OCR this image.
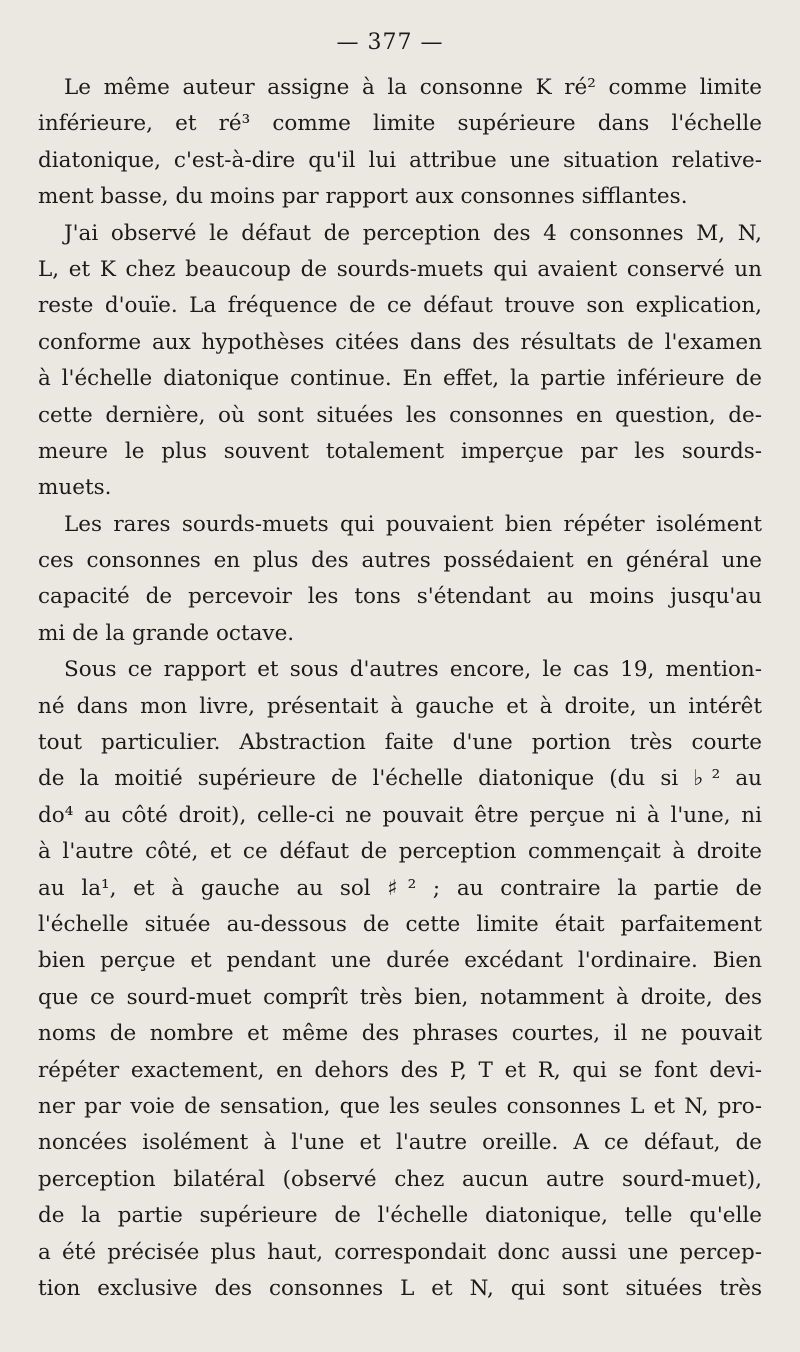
— 377 —
Le même auteur assigne à la consonne K ré² comme limite
inférieure, et ré³ comme limite supérieure dans l'échelle
diatonique, c'est-à-dire qu'il lui attribue une situation relative-
ment basse, du moins par rapport aux consonnes sifflantes.
J'ai observé le défaut de perception des 4 consonnes M, N,
L, et K chez beaucoup de sourds-muets qui avaient conservé un
reste d'ouïe. La fréquence de ce défaut trouve son explication,
conforme aux hypothèses citées dans des résultats de l'examen
à l'échelle diatonique continue. En effet, la partie inférieure de
cette dernière, où sont situées les consonnes en question, de-
meure le plus souvent totalement imperçue par les sourds-
muets.
Les rares sourds-muets qui pouvaient bien répéter isolément
ces consonnes en plus des autres possédaient en général une
capacité de percevoir les tons s'étendant au moins jusqu'au
mi de la grande octave.
Sous ce rapport et sous d'autres encore, le cas 19, mention-
né dans mon livre, présentait à gauche et à droite, un intérêt
tout particulier. Abstraction faite d'une portion très courte
de la moitié supérieure de l'échelle diatonique (du si ♭² au
do⁴ au côté droit), celle-ci ne pouvait être perçue ni à l'une, ni
à l'autre côté, et ce défaut de perception commençait à droite
au la¹, et à gauche au sol ♯² ; au contraire la partie de
l'échelle située au-dessous de cette limite était parfaitement
bien perçue et pendant une durée excédant l'ordinaire. Bien
que ce sourd-muet comprît très bien, notamment à droite, des
noms de nombre et même des phrases courtes, il ne pouvait
répéter exactement, en dehors des P, T et R, qui se font devi-
ner par voie de sensation, que les seules consonnes L et N, pro-
noncées isolément à l'une et l'autre oreille. A ce défaut, de
perception bilatéral (observé chez aucun autre sourd-muet),
de la partie supérieure de l'échelle diatonique, telle qu'elle
a été précisée plus haut, correspondait donc aussi une percep-
tion exclusive des consonnes L et N, qui sont situées très
